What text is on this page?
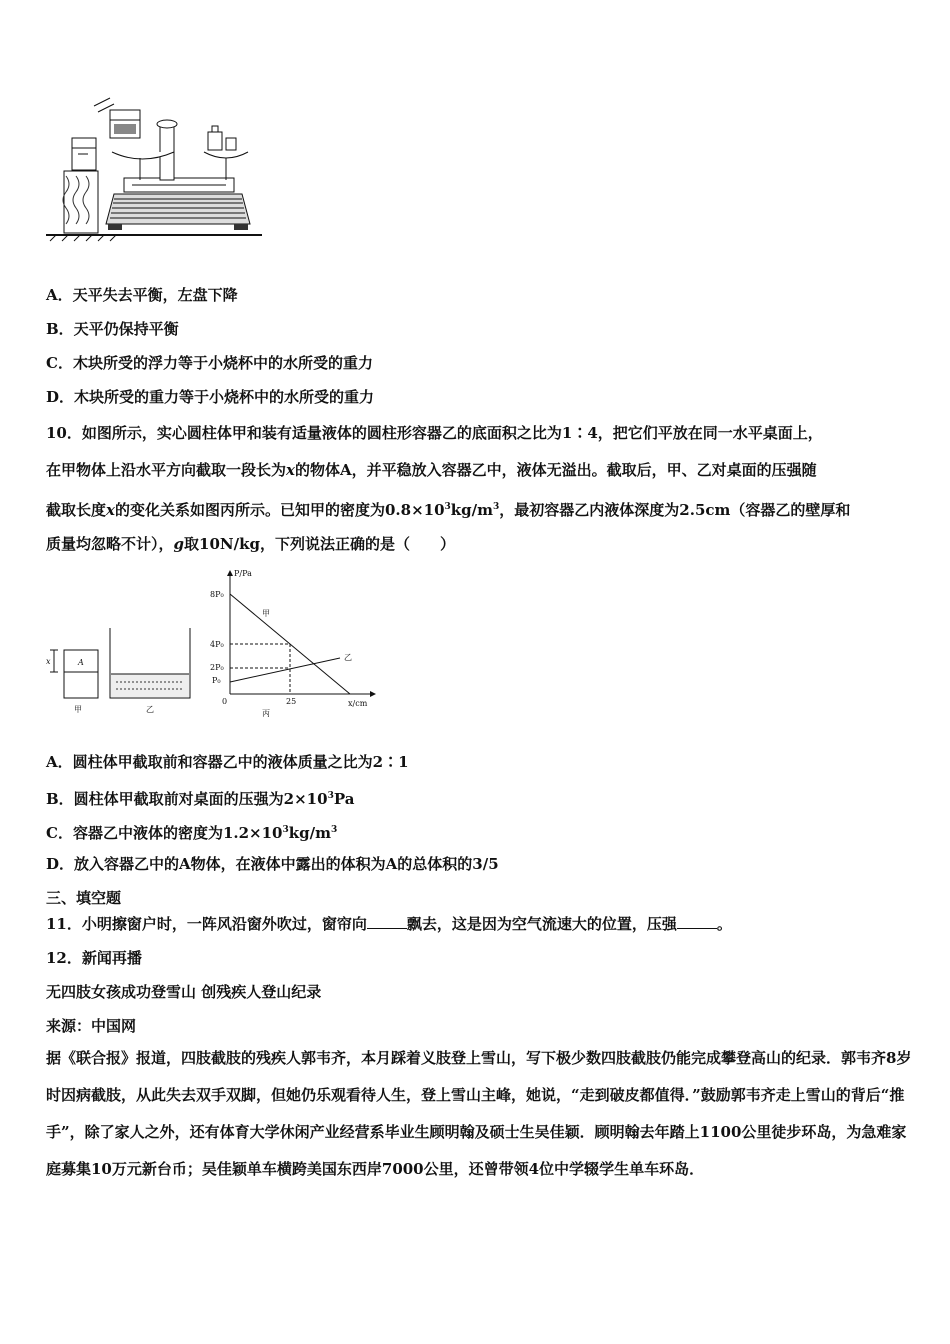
A．天平失去平衡，左盘下降
B．天平仍保持平衡
C．木块所受的浮力等于小烧杯中的水所受的重力
D．木块所受的重力等于小烧杯中的水所受的重力
10．如图所示，实心圆柱体甲和装有适量液体的圆柱形容器乙的底面积之比为1∶4，把它们平放在同一水平桌面上，
在甲物体上沿水平方向截取一段长为x的物体A，并平稳放入容器乙中，液体无溢出。截取后，甲、乙对桌面的压强随
截取长度x的变化关系如图丙所示。已知甲的密度为$0.8\times 10^3kg/m^3$，最初容器乙内液体深度为2.5cm（容器乙的壁厚和
质量均忽略不计），g取10N/kg，下列说法正确的是（　　）
A
x
甲	乙
P/Pa
x/cm
8P₀
4P₀
2P₀
P₀
0	25
甲
乙
丙
A．圆柱体甲截取前和容器乙中的液体质量之比为2∶1
B．圆柱体甲截取前对桌面的压强为$2\times 10^3Pa$
C．容器乙中液体的密度为$1.2\times 10^3kg/m^3$
D．放入容器乙中的A物体，在液体中露出的体积为A的总体积的3/5
三、填空题
11．小明擦窗户时，一阵风沿窗外吹过，窗帘向	飘去，这是因为空气流速大的位置，压强	。
12．新闻再播
无四肢女孩成功登雪山 创残疾人登山纪录
来源：中国网
据《联合报》报道，四肢截肢的残疾人郭韦齐，本月踩着义肢登上雪山，写下极少数四肢截肢仍能完成攀登高山的纪录．郭韦齐8岁时因病截肢，从此失去双手双脚，但她仍乐观看待人生，登上雪山主峰，她说，“走到破皮都值得．”鼓励郭韦齐走上雪山的背后“推手”，除了家人之外，还有体育大学休闲产业经营系毕业生顾明翰及硕士生吴佳颖．顾明翰去年踏上1100公里徒步环岛，为急难家庭募集10万元新台币；吴佳颖单车横跨美国东西岸7000公里，还曾带领4位中学辍学生单车环岛．
